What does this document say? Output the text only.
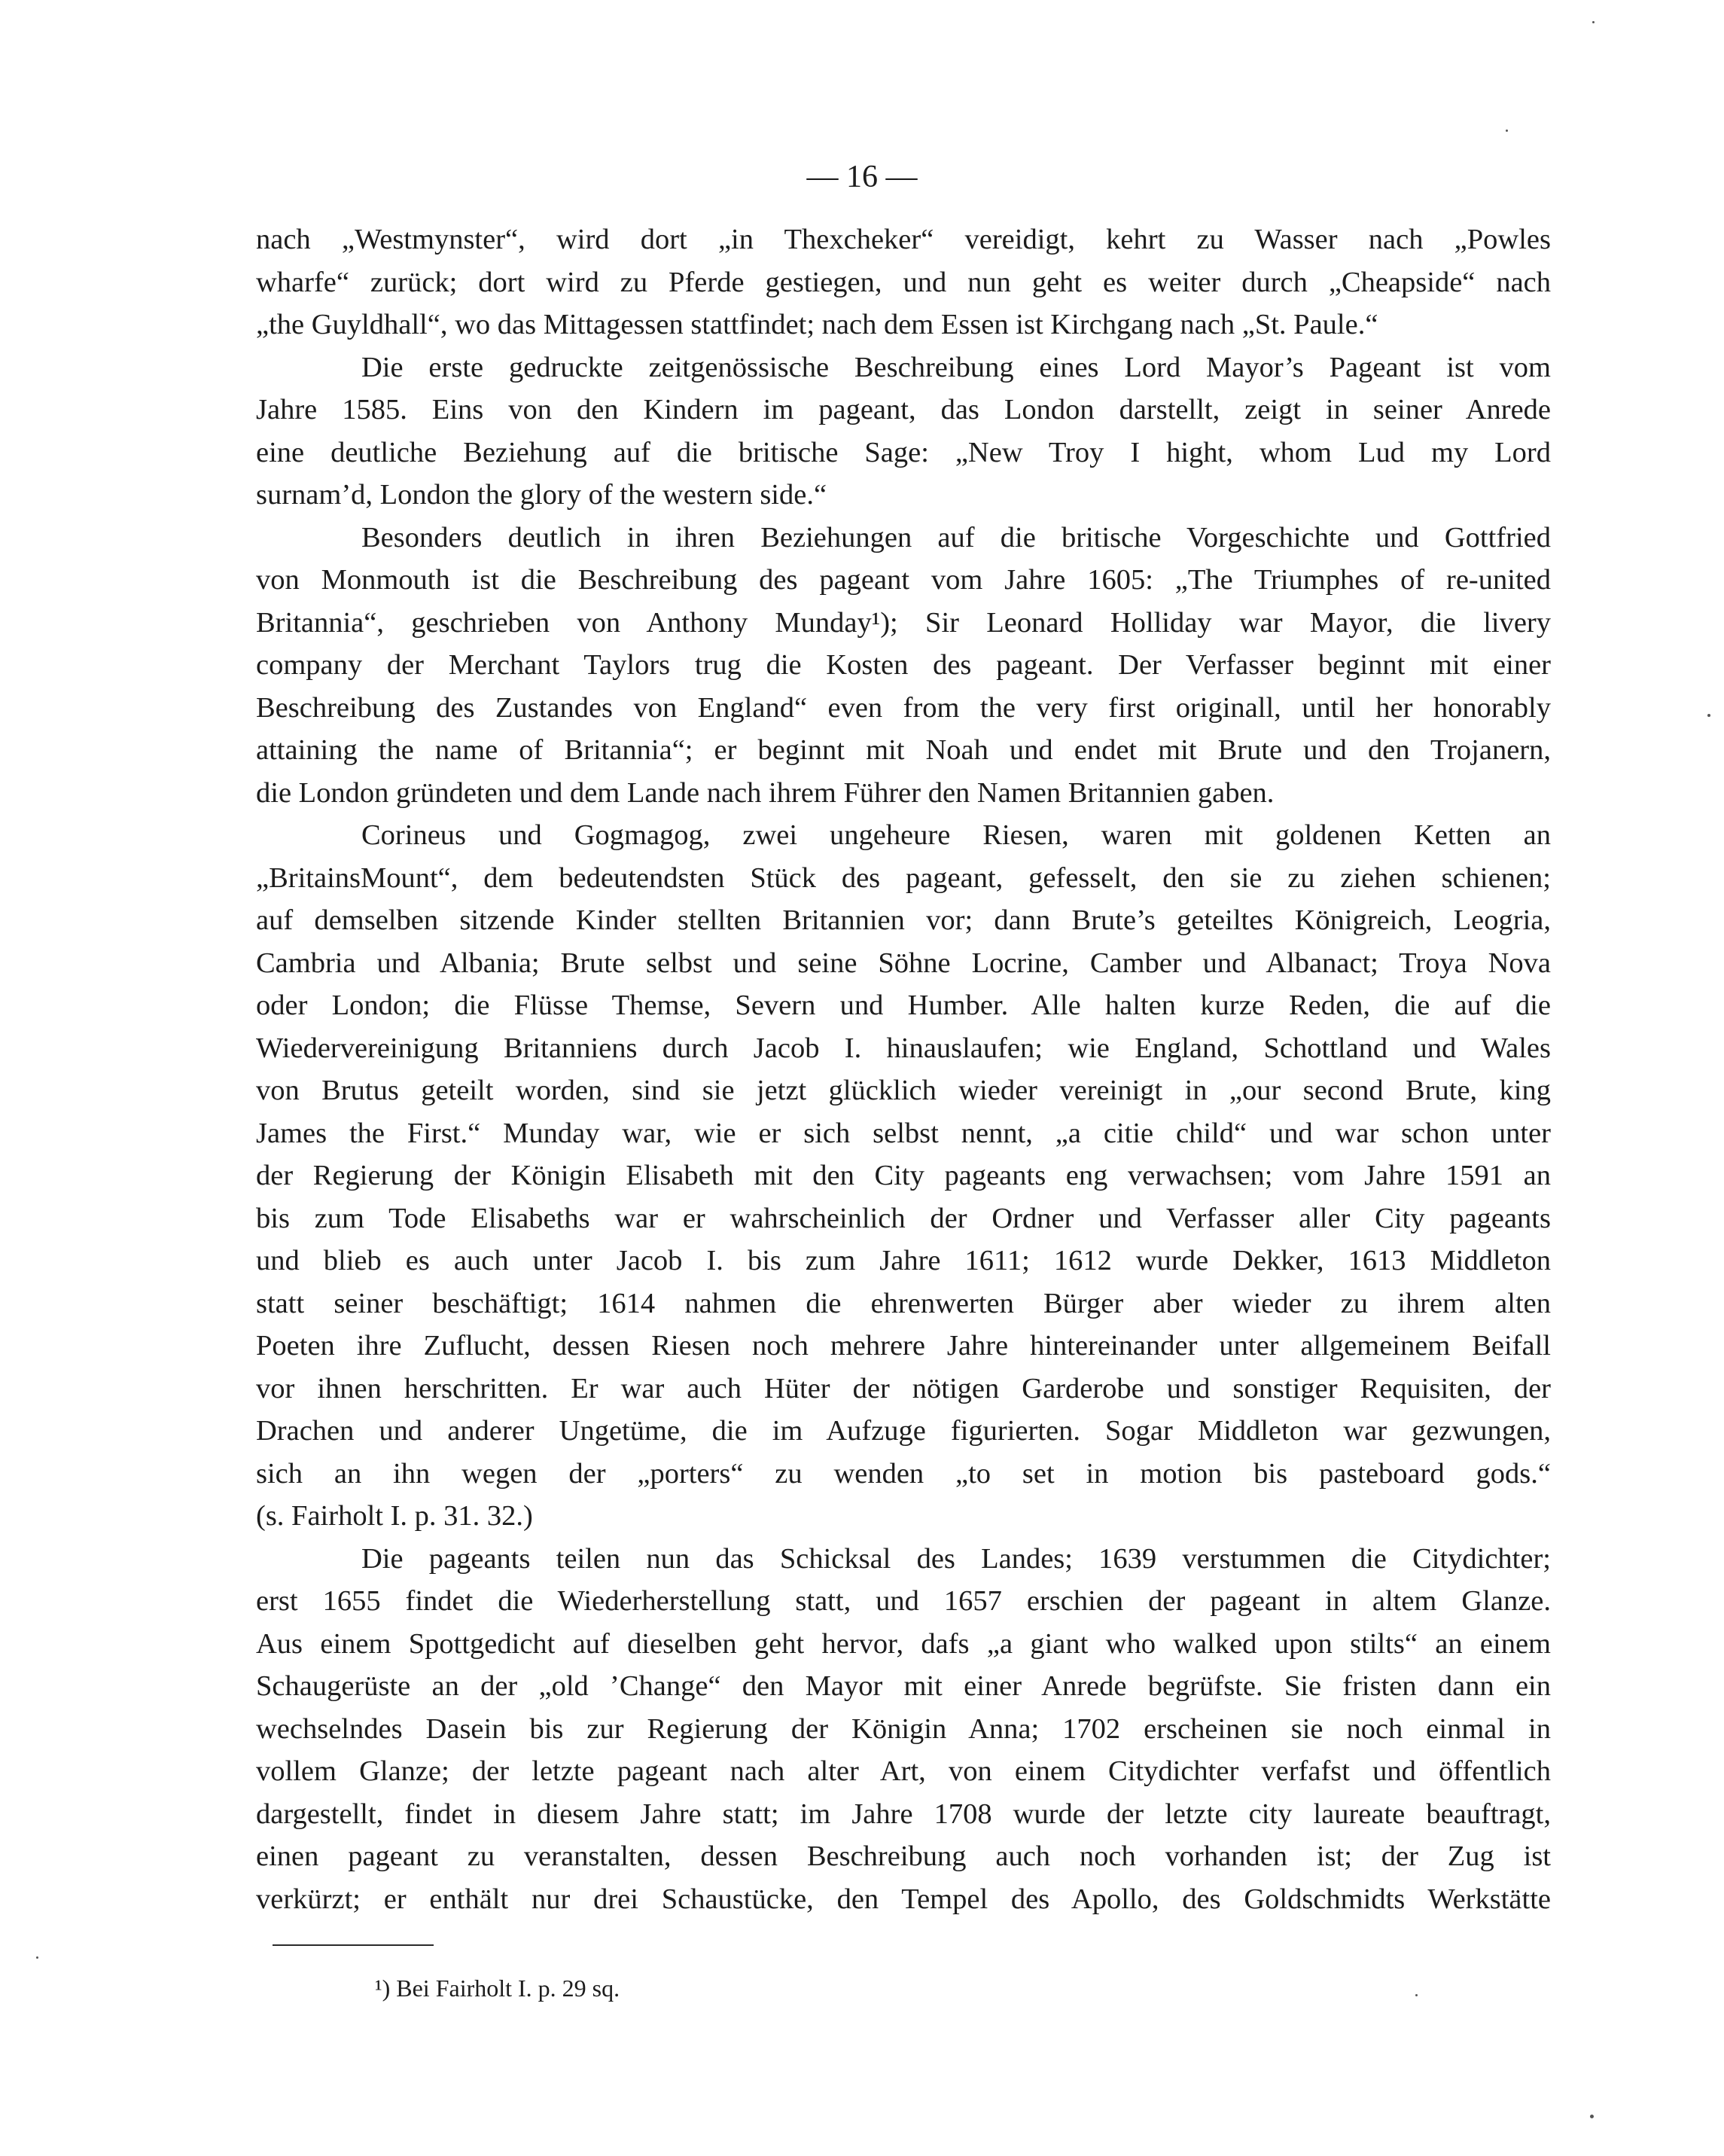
— 16 —
nach „Westmynster“, wird dort „in Thexcheker“ vereidigt, kehrt zu Wasser nach „Powles
wharfe“ zurück; dort wird zu Pferde gestiegen, und nun geht es weiter durch „Cheapside“ nach
„the Guyldhall“, wo das Mittagessen stattfindet; nach dem Essen ist Kirchgang nach „St. Paule.“
Die erste gedruckte zeitgenössische Beschreibung eines Lord Mayor’s Pageant ist vom
Jahre 1585. Eins von den Kindern im pageant, das London darstellt, zeigt in seiner Anrede
eine deutliche Beziehung auf die britische Sage: „New Troy I hight, whom Lud my Lord
surnam’d, London the glory of the western side.“
Besonders deutlich in ihren Beziehungen auf die britische Vorgeschichte und Gottfried
von Monmouth ist die Beschreibung des pageant vom Jahre 1605: „The Triumphes of re-united
Britannia“, geschrieben von Anthony Munday¹); Sir Leonard Holliday war Mayor, die livery
company der Merchant Taylors trug die Kosten des pageant. Der Verfasser beginnt mit einer
Beschreibung des Zustandes von England“ even from the very first originall, until her honorably
attaining the name of Britannia“; er beginnt mit Noah und endet mit Brute und den Trojanern,
die London gründeten und dem Lande nach ihrem Führer den Namen Britannien gaben.
Corineus und Gogmagog, zwei ungeheure Riesen, waren mit goldenen Ketten an
„BritainsMount“, dem bedeutendsten Stück des pageant, gefesselt, den sie zu ziehen schienen;
auf demselben sitzende Kinder stellten Britannien vor; dann Brute’s geteiltes Königreich, Leogria,
Cambria und Albania; Brute selbst und seine Söhne Locrine, Camber und Albanact; Troya Nova
oder London; die Flüsse Themse, Severn und Humber. Alle halten kurze Reden, die auf die
Wiedervereinigung Britanniens durch Jacob I. hinauslaufen; wie England, Schottland und Wales
von Brutus geteilt worden, sind sie jetzt glücklich wieder vereinigt in „our second Brute, king
James the First.“ Munday war, wie er sich selbst nennt, „a citie child“ und war schon unter
der Regierung der Königin Elisabeth mit den City pageants eng verwachsen; vom Jahre 1591 an
bis zum Tode Elisabeths war er wahrscheinlich der Ordner und Verfasser aller City pageants
und blieb es auch unter Jacob I. bis zum Jahre 1611; 1612 wurde Dekker, 1613 Middleton
statt seiner beschäftigt; 1614 nahmen die ehrenwerten Bürger aber wieder zu ihrem alten
Poeten ihre Zuflucht, dessen Riesen noch mehrere Jahre hintereinander unter allgemeinem Beifall
vor ihnen herschritten. Er war auch Hüter der nötigen Garderobe und sonstiger Requisiten, der
Drachen und anderer Ungetüme, die im Aufzuge figurierten. Sogar Middleton war gezwungen,
sich an ihn wegen der „porters“ zu wenden „to set in motion bis pasteboard gods.“
(s. Fairholt I. p. 31. 32.)
Die pageants teilen nun das Schicksal des Landes; 1639 verstummen die Citydichter;
erst 1655 findet die Wiederherstellung statt, und 1657 erschien der pageant in altem Glanze.
Aus einem Spottgedicht auf dieselben geht hervor, dafs „a giant who walked upon stilts“ an einem
Schaugerüste an der „old ’Change“ den Mayor mit einer Anrede begrüfste. Sie fristen dann ein
wechselndes Dasein bis zur Regierung der Königin Anna; 1702 erscheinen sie noch einmal in
vollem Glanze; der letzte pageant nach alter Art, von einem Citydichter verfafst und öffentlich
dargestellt, findet in diesem Jahre statt; im Jahre 1708 wurde der letzte city laureate beauftragt,
einen pageant zu veranstalten, dessen Beschreibung auch noch vorhanden ist; der Zug ist
verkürzt; er enthält nur drei Schaustücke, den Tempel des Apollo, des Goldschmidts Werkstätte
¹) Bei Fairholt I. p. 29 sq.
